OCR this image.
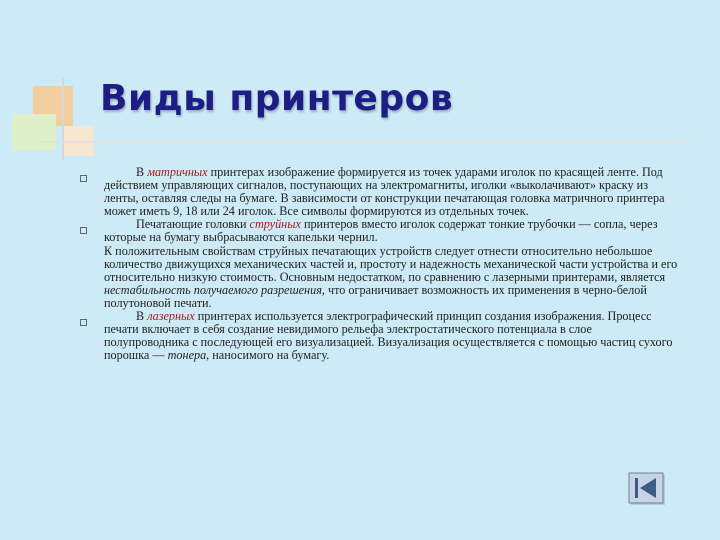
Виды принтеров

В матричных принтерах изображение формируется из точек ударами иголок по красящей ленте. Под действием управляющих сигналов, поступающих на электромагниты, иголки «выколачивают» краску из ленты, оставляя следы на бумаге. В зависимости от конструкции печатающая головка матричного принтера может иметь 9, 18 или 24 иголок. Все символы формируются из отдельных точек.

Печатающие головки струйных принтеров вместо иголок содержат тонкие трубочки — сопла, через которые на бумагу выбрасываются капельки чернил.

К положительным свойствам струйных печатающих устройств следует отнести относительно небольшое количество движущихся механических частей и, простоту и надежность механической части устройства и его относительно низкую стоимость. Основным недостатком, по сравнению с лазерными принтерами, является нестабильность получаемого разрешения, что ограничивает возможность их применения в черно-белой полутоновой печати.

В лазерных принтерах используется электрографический принцип создания изображения. Процесс печати включает в себя создание невидимого рельефа электростатического потенциала в слое полупроводника с последующей его визуализацией. Визуализация осуществляется с помощью частиц сухого порошка — тонера, наносимого на бумагу.
